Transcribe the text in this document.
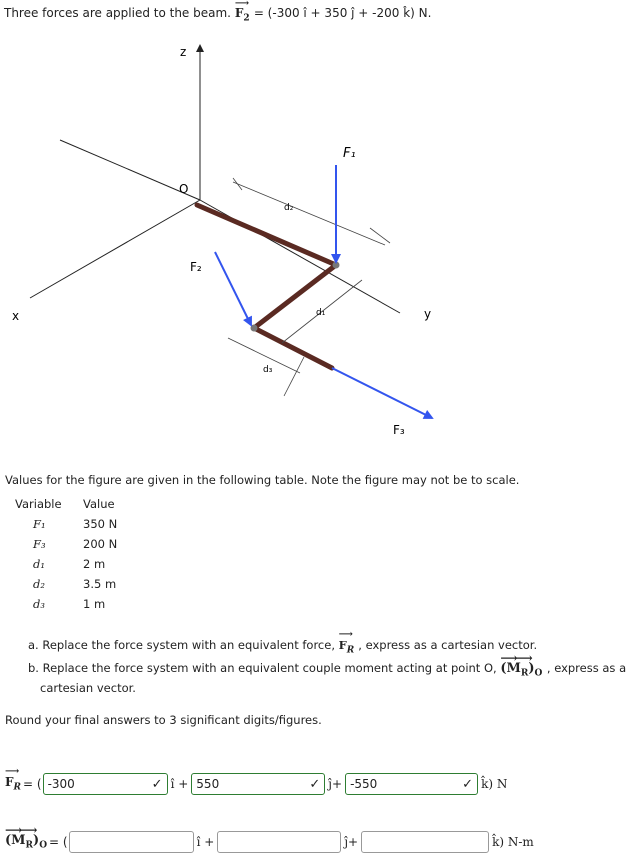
Three forces are applied to the beam. $F_2$
⟶
= (-300 î + 350 ĵ + -200 k̂) N.
z
x	y
O
F₁
F₂
F₃
d₂
d₁
d₃
Values for the figure are given in the following table. Note the figure may not be to scale.
Variable	Value
F₁	350 N
F₃	200 N
d₁	2 m
d₂	3.5 m
d₃	1 m
a. Replace the force system with an equivalent force, $F_R$
⟶
, express as a cartesian vector.
b. Replace the force system with an equivalent couple moment acting at point O, $(M_R)_O$
⟶⟶
, express as a
cartesian vector.
Round your final answers to 3 significant digits/figures.
$F_R$
⟶
= ( -300	✓ î + 550	✓ ĵ+ -550	✓ k̂) N
$(M_R)_O$
⟶⟶
= (	î +	ĵ+	k̂) N-m
